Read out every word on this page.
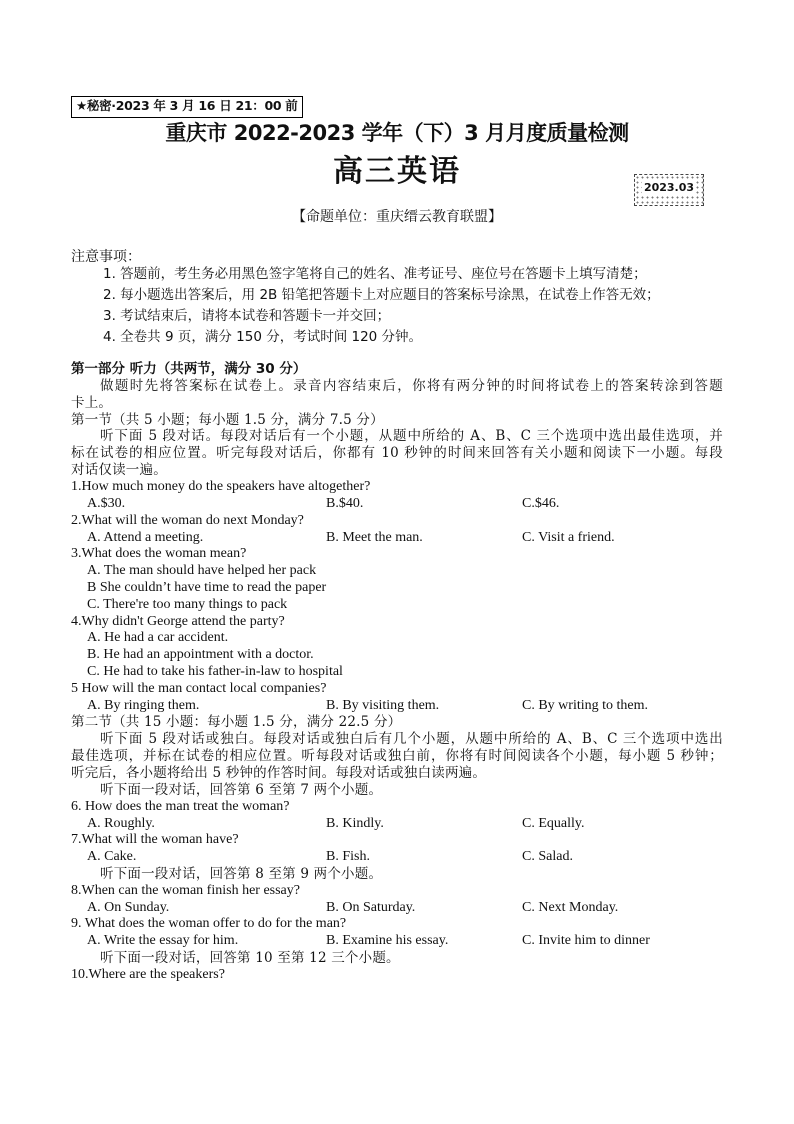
★秘密·2023 年 3 月 16 日 21：00 前
重庆市 2022-2023 学年（下）3 月月度质量检测
高三英语	2023.03
【命题单位：重庆缙云教育联盟】
注意事项：
1. 答题前，考生务必用黑色签字笔将自己的姓名、准考证号、座位号在答题卡上填写清楚；
2. 每小题选出答案后，用 2B 铅笔把答题卡上对应题目的答案标号涂黑，在试卷上作答无效；
3. 考试结束后，请将本试卷和答题卡一并交回；
4. 全卷共 9 页，满分 150 分，考试时间 120 分钟。
第一部分 听力（共两节，满分 30 分）
做题时先将答案标在试卷上。录音内容结束后，你将有两分钟的时间将试卷上的答案转涂到答题
卡上。
第一节（共 5 小题；每小题 1.5 分，满分 7.5 分）
听下面 5 段对话。每段对话后有一个小题，从题中所给的 A、B、C 三个选项中选出最佳选项，并
标在试卷的相应位置。听完每段对话后，你都有 10 秒钟的时间来回答有关小题和阅读下一小题。每段
对话仅读一遍。
1.How much money do the speakers have altogether?
A.$30.	B.$40.	C.$46.
2.What will the woman do next Monday?
A. Attend a meeting.	B. Meet the man.	C. Visit a friend.
3.What does the woman mean?
A. The man should have helped her pack
B She couldn’t have time to read the paper
C. There're too many things to pack
4.Why didn't George attend the party?
A. He had a car accident.
B. He had an appointment with a doctor.
C. He had to take his father-in-law to hospital
5 How will the man contact local companies?
A. By ringing them.	B. By visiting them.	C. By writing to them.
第二节（共 15 小题：每小题 1.5 分，满分 22.5 分）
听下面 5 段对话或独白。每段对话或独白后有几个小题，从题中所给的 A、B、C 三个选项中选出
最佳选项，并标在试卷的相应位置。听每段对话或独白前，你将有时间阅读各个小题，每小题 5 秒钟；
听完后，各小题将给出 5 秒钟的作答时间。每段对话或独白读两遍。
听下面一段对话，回答第 6 至第 7 两个小题。
6. How does the man treat the woman?
A. Roughly.	B. Kindly.	C. Equally.
7.What will the woman have?
A. Cake.	B. Fish.	C. Salad.
听下面一段对话，回答第 8 至第 9 两个小题。
8.When can the woman finish her essay?
A. On Sunday.	B. On Saturday.	C. Next Monday.
9. What does the woman offer to do for the man?
A. Write the essay for him.	B. Examine his essay.	C. Invite him to dinner
听下面一段对话，回答第 10 至第 12 三个小题。
10.Where are the speakers?
